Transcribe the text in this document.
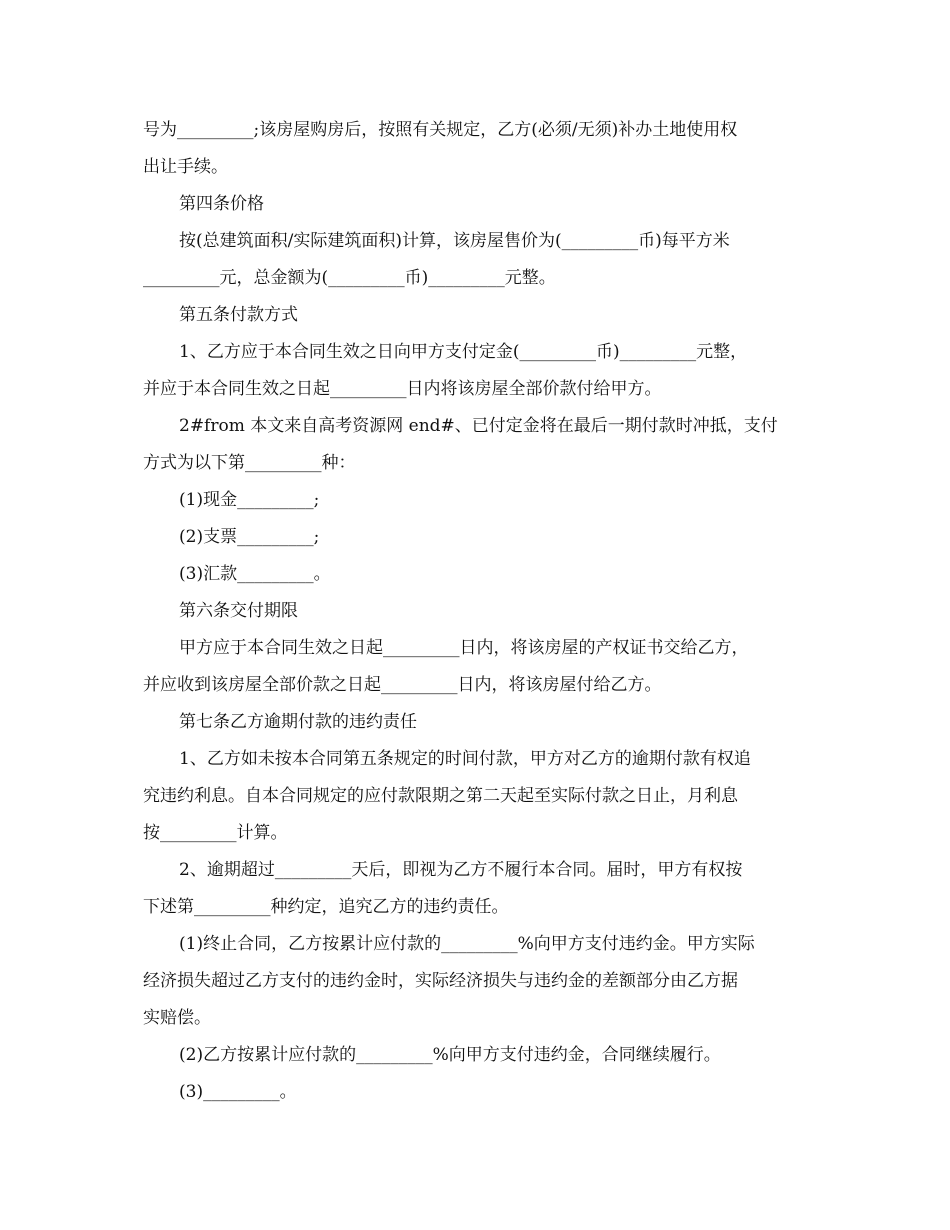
号为_________;该房屋购房后，按照有关规定，乙方(必须/无须)补办土地使用权
出让手续。
第四条价格
按(总建筑面积/实际建筑面积)计算，该房屋售价为(_________币)每平方米
_________元，总金额为(_________币)_________元整。
第五条付款方式
1、乙方应于本合同生效之日向甲方支付定金(_________币)_________元整，
并应于本合同生效之日起_________日内将该房屋全部价款付给甲方。
2#from 本文来自高考资源网 end#、已付定金将在最后一期付款时冲抵，支付
方式为以下第_________种：
(1)现金_________;
(2)支票_________;
(3)汇款_________。
第六条交付期限
甲方应于本合同生效之日起_________日内，将该房屋的产权证书交给乙方，
并应收到该房屋全部价款之日起_________日内，将该房屋付给乙方。
第七条乙方逾期付款的违约责任
1、乙方如未按本合同第五条规定的时间付款，甲方对乙方的逾期付款有权追
究违约利息。自本合同规定的应付款限期之第二天起至实际付款之日止，月利息
按_________计算。
2、逾期超过_________天后，即视为乙方不履行本合同。届时，甲方有权按
下述第_________种约定，追究乙方的违约责任。
(1)终止合同，乙方按累计应付款的_________%向甲方支付违约金。甲方实际
经济损失超过乙方支付的违约金时，实际经济损失与违约金的差额部分由乙方据
实赔偿。
(2)乙方按累计应付款的_________%向甲方支付违约金，合同继续履行。
(3)_________。
